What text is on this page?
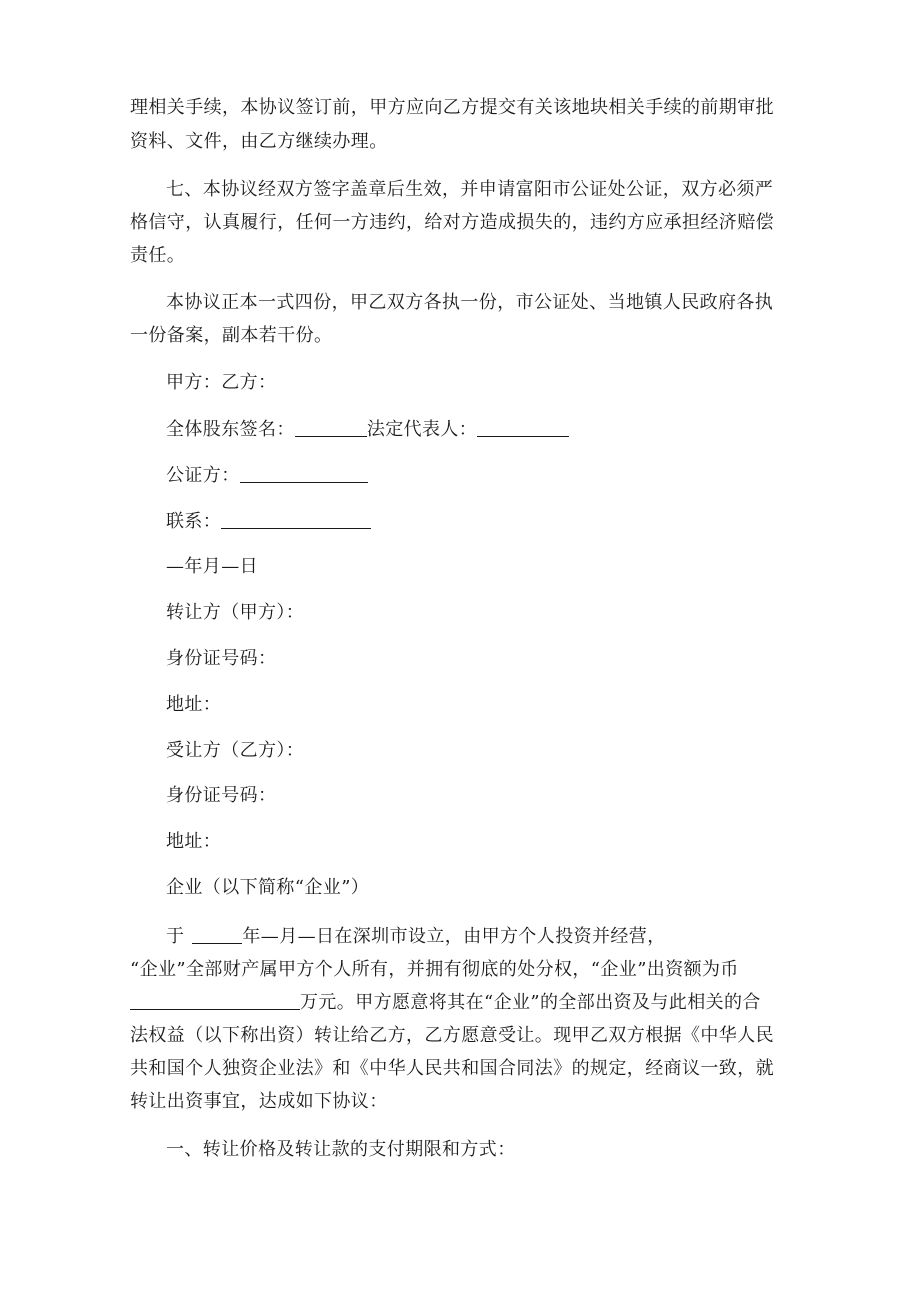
理相关手续，本协议签订前，甲方应向乙方提交有关该地块相关手续的前期审批
资料、文件，由乙方继续办理。
七、本协议经双方签字盖章后生效，并申请富阳市公证处公证，双方必须严
格信守，认真履行，任何一方违约，给对方造成损失的，违约方应承担经济赔偿
责任。
本协议正本一式四份，甲乙双方各执一份，市公证处、当地镇人民政府各执
一份备案，副本若干份。
甲方：乙方：
全体股东签名：	法定代表人：
公证方：
联系：
—年月—日
转让方（甲方）：
身份证号码：
地址：
受让方（乙方）：
身份证号码：
地址：
企业（以下简称“企业”）
于	年—月—日在深圳市设立，由甲方个人投资并经营，
“企业”全部财产属甲方个人所有，并拥有彻底的处分权，“企业”出资额为币
万元。甲方愿意将其在“企业”的全部出资及与此相关的合
法权益（以下称出资）转让给乙方，乙方愿意受让。现甲乙双方根据《中华人民
共和国个人独资企业法》和《中华人民共和国合同法》的规定，经商议一致，就
转让出资事宜，达成如下协议：
一、转让价格及转让款的支付期限和方式：
